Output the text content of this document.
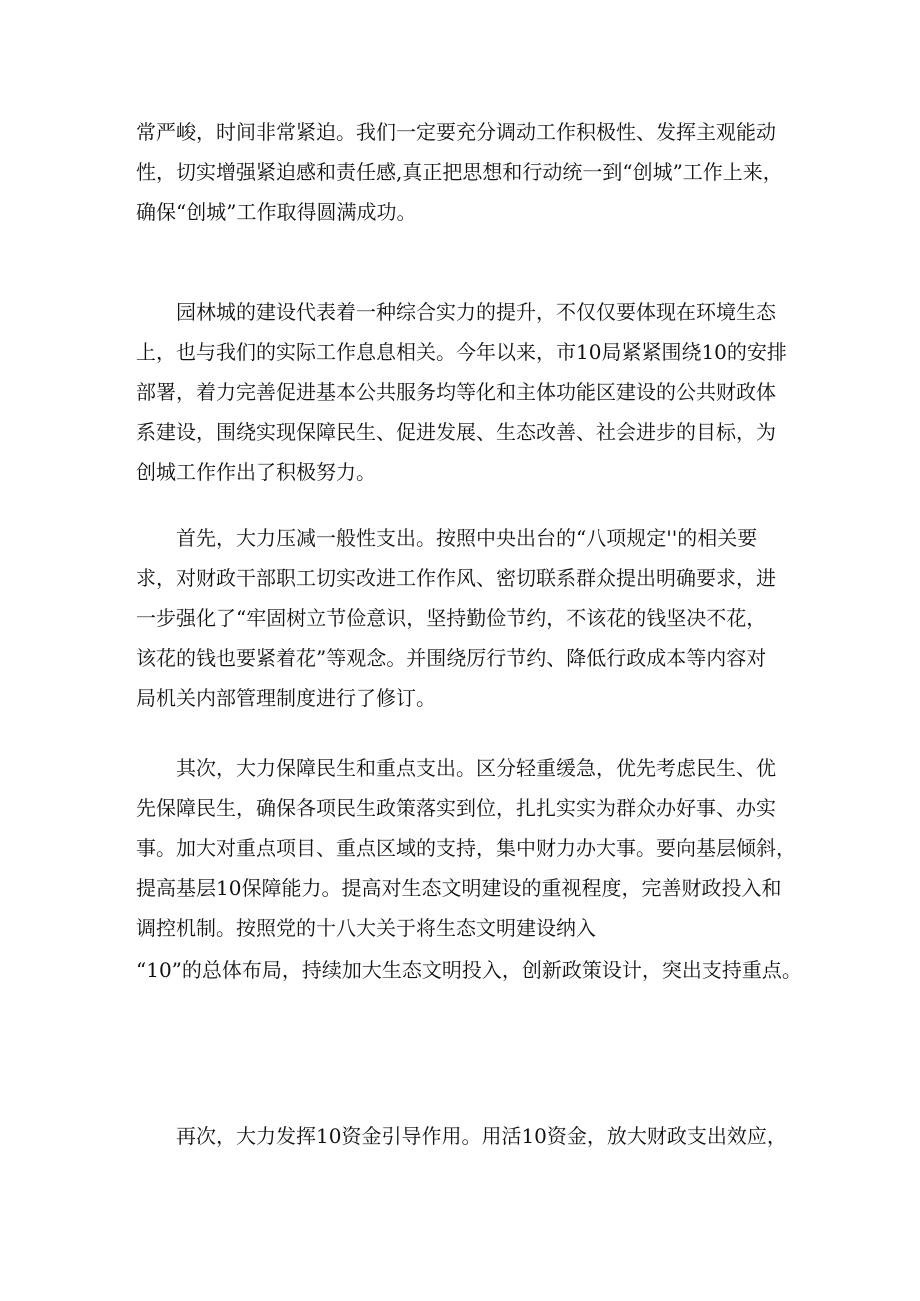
常严峻，时间非常紧迫。我们一定要充分调动工作积极性、发挥主观能动
性，切实增强紧迫感和责任感,真正把思想和行动统一到“创城”工作上来，
确保“创城”工作取得圆满成功。
园林城的建设代表着一种综合实力的提升，不仅仅要体现在环境生态
上，也与我们的实际工作息息相关。今年以来，市10局紧紧围绕10的安排
部署，着力完善促进基本公共服务均等化和主体功能区建设的公共财政体
系建设，围绕实现保障民生、促进发展、生态改善、社会进步的目标，为
创城工作作出了积极努力。
首先，大力压减一般性支出。按照中央出台的“八项规定''的相关要
求，对财政干部职工切实改进工作作风、密切联系群众提出明确要求，进
一步强化了“牢固树立节俭意识，坚持勤俭节约，不该花的钱坚决不花，
该花的钱也要紧着花”等观念。并围绕厉行节约、降低行政成本等内容对
局机关内部管理制度进行了修订。
其次，大力保障民生和重点支出。区分轻重缓急，优先考虑民生、优
先保障民生，确保各项民生政策落实到位，扎扎实实为群众办好事、办实
事。加大对重点项目、重点区域的支持，集中财力办大事。要向基层倾斜，
提高基层10保障能力。提高对生态文明建设的重视程度，完善财政投入和
调控机制。按照党的十八大关于将生态文明建设纳入
“10”的总体布局，持续加大生态文明投入，创新政策设计，突出支持重点。
再次，大力发挥10资金引导作用。用活10资金，放大财政支出效应，
